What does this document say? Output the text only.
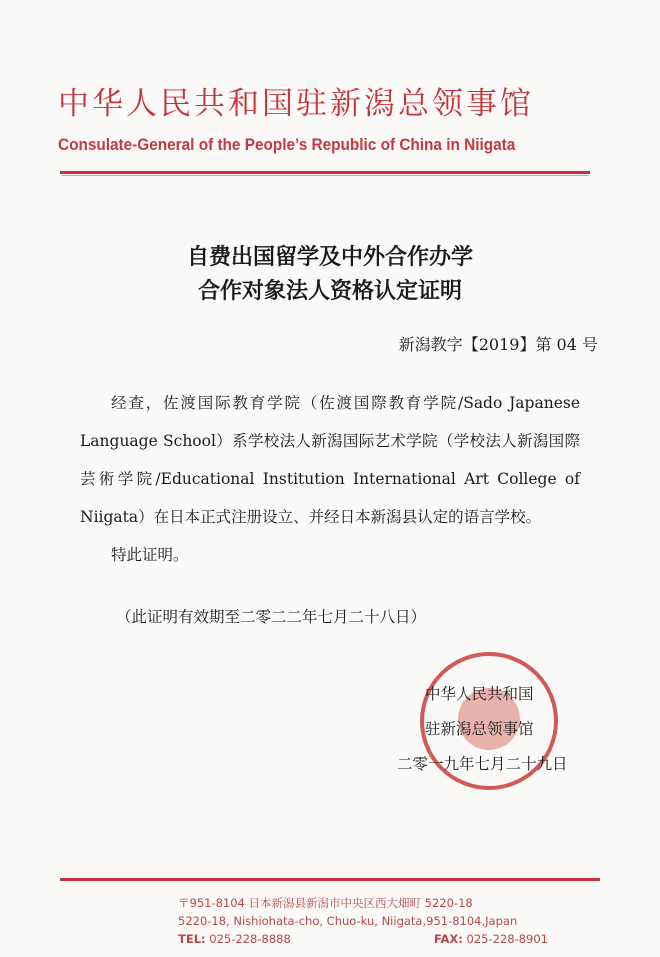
中华人民共和国驻新潟总领事馆
Consulate-General of the People’s Republic of China in Niigata
自费出国留学及中外合作办学
合作对象法人资格认定证明
新潟教字【2019】第 04 号

经查，佐渡国际教育学院（佐渡国際教育学院/Sado Japanese Language School）系学校法人新潟国际艺术学院（学校法人新潟国際芸術学院/Educational Institution International Art College of Niigata）在日本正式注册设立、并经日本新潟县认定的语言学校。

特此证明。

（此证明有效期至二零二二年七月二十八日）
中华人民共和国
驻新潟总领事馆
二零一九年七月二十九日
〒951-8104 日本新潟县新潟市中央区西大畑町 5220-18
5220-18, Nishiohata-cho, Chuo-ku, Niigata,951-8104,Japan
TEL: 025-228-8888	FAX: 025-228-8901
